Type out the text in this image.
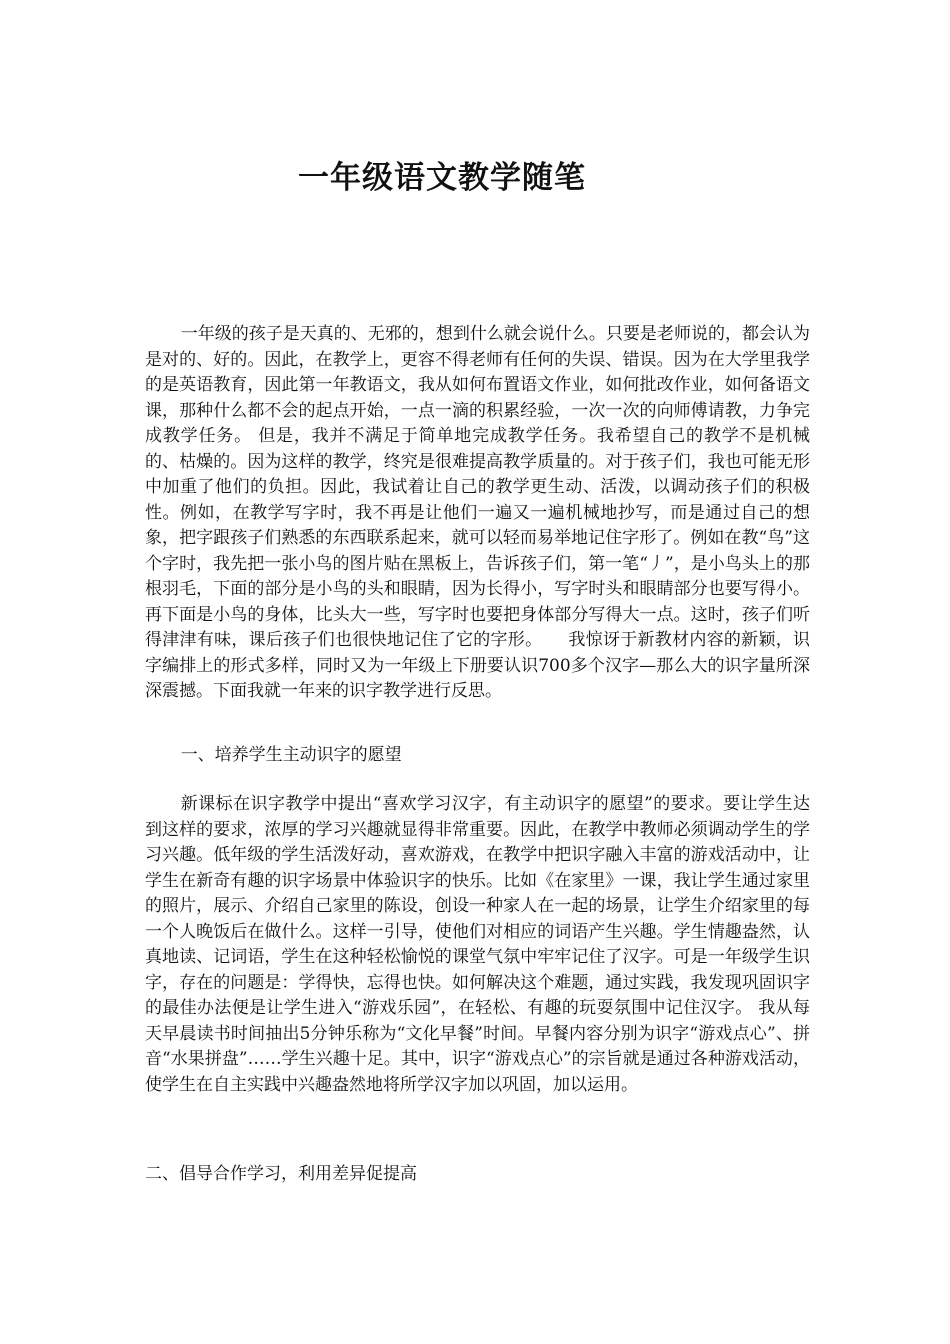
一年级语文教学随笔

一年级的孩子是天真的、无邪的，想到什么就会说什么。只要是老师说的，都会认为是对的、好的。因此，在教学上，更容不得老师有任何的失误、错误。因为在大学里我学的是英语教育，因此第一年教语文，我从如何布置语文作业，如何批改作业，如何备语文课，那种什么都不会的起点开始，一点一滴的积累经验，一次一次的向师傅请教，力争完成教学任务。 但是，我并不满足于简单地完成教学任务。我希望自己的教学不是机械的、枯燥的。因为这样的教学，终究是很难提高教学质量的。对于孩子们，我也可能无形中加重了他们的负担。因此，我试着让自己的教学更生动、活泼，以调动孩子们的积极性。例如，在教学写字时，我不再是让他们一遍又一遍机械地抄写，而是通过自己的想象，把字跟孩子们熟悉的东西联系起来，就可以轻而易举地记住字形了。例如在教“鸟”这个字时，我先把一张小鸟的图片贴在黑板上，告诉孩子们，第一笔“丿”，是小鸟头上的那根羽毛，下面的部分是小鸟的头和眼睛，因为长得小，写字时头和眼睛部分也要写得小。再下面是小鸟的身体，比头大一些，写字时也要把身体部分写得大一点。这时，孩子们听得津津有味，课后孩子们也很快地记住了它的字形。　　我惊讶于新教材内容的新颖，识字编排上的形式多样，同时又为一年级上下册要认识700多个汉字—那么大的识字量所深深震撼。下面我就一年来的识字教学进行反思。

一、培养学生主动识字的愿望

新课标在识字教学中提出“喜欢学习汉字，有主动识字的愿望”的要求。要让学生达到这样的要求，浓厚的学习兴趣就显得非常重要。因此，在教学中教师必须调动学生的学习兴趣。低年级的学生活泼好动，喜欢游戏，在教学中把识字融入丰富的游戏活动中，让学生在新奇有趣的识字场景中体验识字的快乐。比如《在家里》一课，我让学生通过家里的照片，展示、介绍自己家里的陈设，创设一种家人在一起的场景，让学生介绍家里的每一个人晚饭后在做什么。这样一引导，使他们对相应的词语产生兴趣。学生情趣盎然，认真地读、记词语，学生在这种轻松愉悦的课堂气氛中牢牢记住了汉字。可是一年级学生识字，存在的问题是：学得快，忘得也快。如何解决这个难题，通过实践，我发现巩固识字的最佳办法便是让学生进入“游戏乐园”，在轻松、有趣的玩耍氛围中记住汉字。 我从每天早晨读书时间抽出5分钟乐称为“文化早餐”时间。早餐内容分别为识字“游戏点心”、拼音“水果拼盘”……学生兴趣十足。其中，识字“游戏点心”的宗旨就是通过各种游戏活动，使学生在自主实践中兴趣盎然地将所学汉字加以巩固，加以运用。

二、倡导合作学习，利用差异促提高
